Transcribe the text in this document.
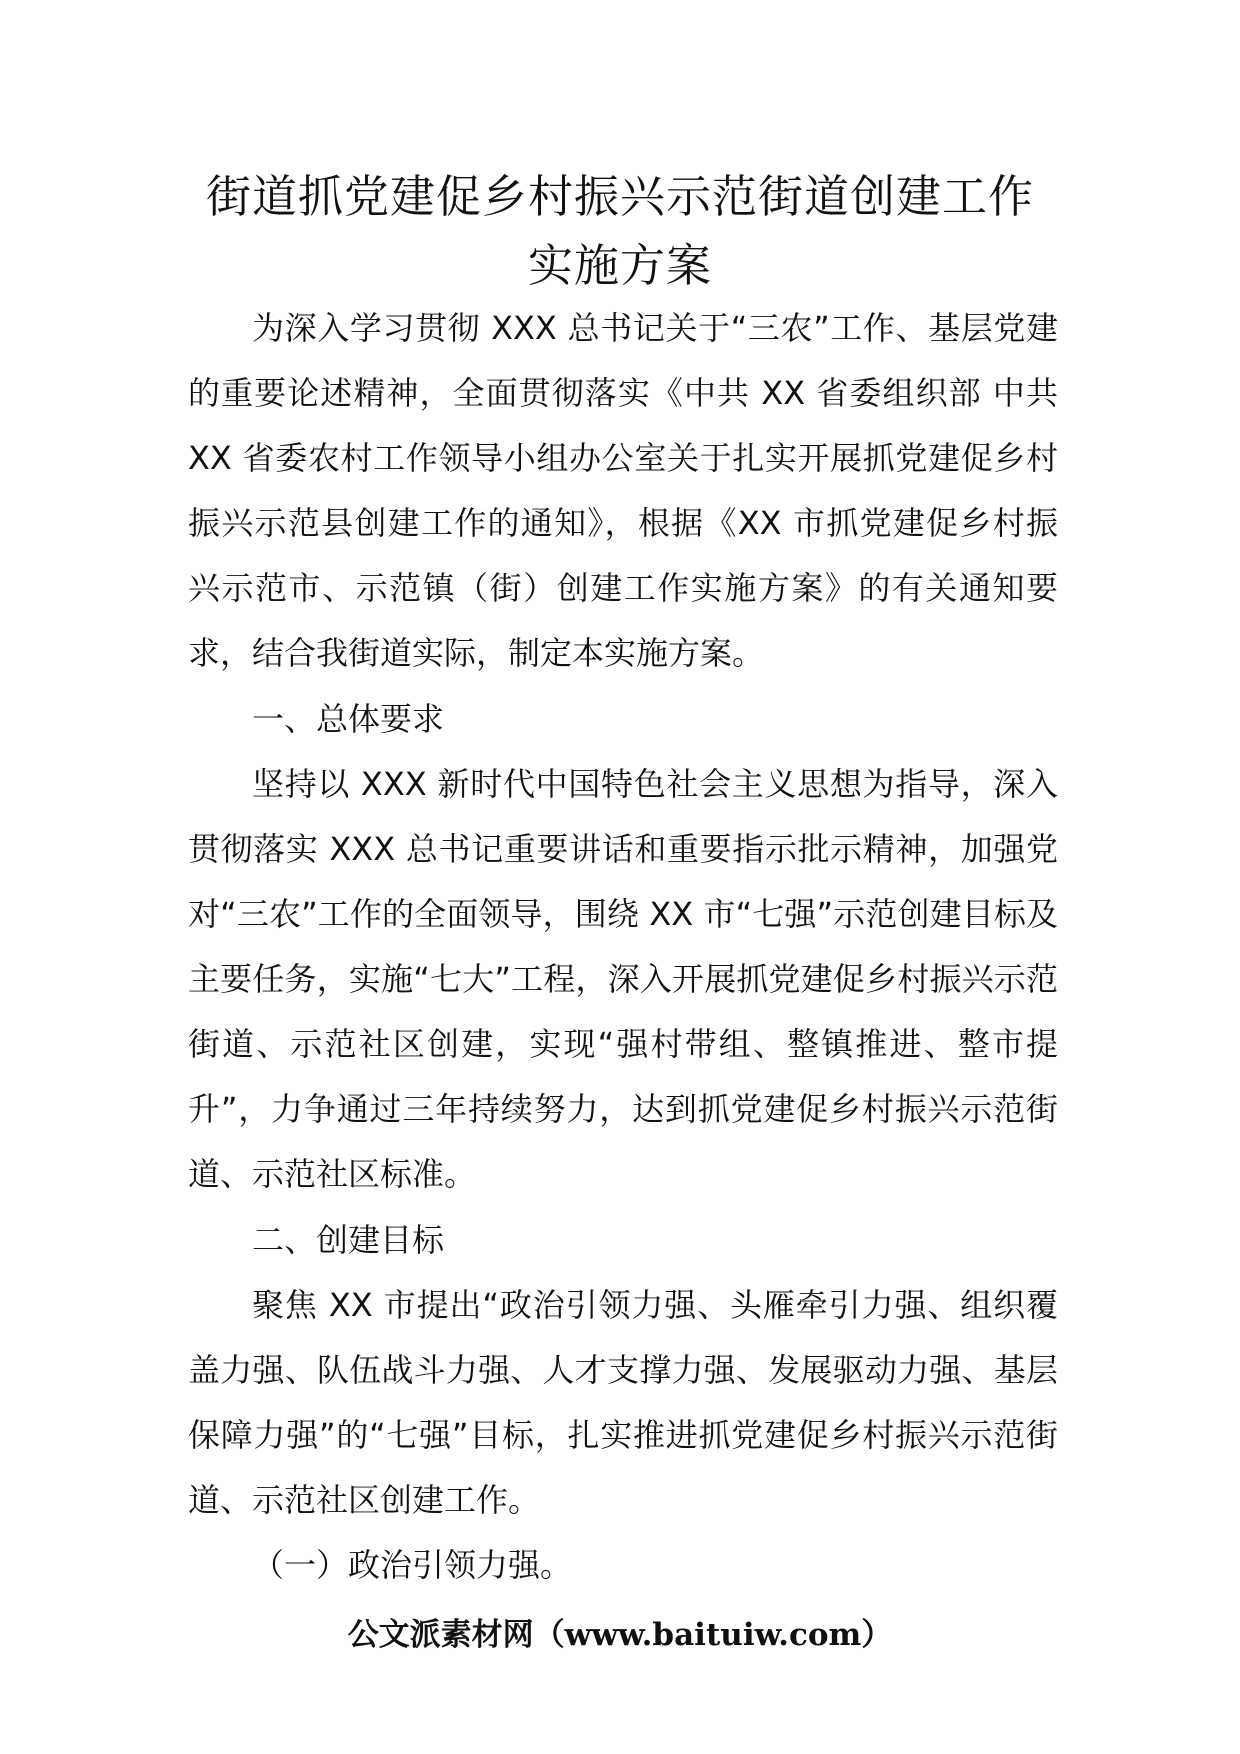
街道抓党建促乡村振兴示范街道创建工作
实施方案

为深入学习贯彻 XXX 总书记关于“三农”工作、基层党建的重要论述精神，全面贯彻落实《中共 XX 省委组织部 中共 XX 省委农村工作领导小组办公室关于扎实开展抓党建促乡村振兴示范县创建工作的通知》，根据《XX 市抓党建促乡村振兴示范市、示范镇（街）创建工作实施方案》的有关通知要求，结合我街道实际，制定本实施方案。

一、总体要求

坚持以 XXX 新时代中国特色社会主义思想为指导，深入贯彻落实 XXX 总书记重要讲话和重要指示批示精神，加强党对“三农”工作的全面领导，围绕 XX 市“七强”示范创建目标及主要任务，实施“七大”工程，深入开展抓党建促乡村振兴示范街道、示范社区创建，实现“强村带组、整镇推进、整市提升”，力争通过三年持续努力，达到抓党建促乡村振兴示范街道、示范社区标准。

二、创建目标

聚焦 XX 市提出“政治引领力强、头雁牵引力强、组织覆盖力强、队伍战斗力强、人才支撑力强、发展驱动力强、基层保障力强”的“七强”目标，扎实推进抓党建促乡村振兴示范街道、示范社区创建工作。

（一）政治引领力强。

公文派素材网（www.baituiw.com）
